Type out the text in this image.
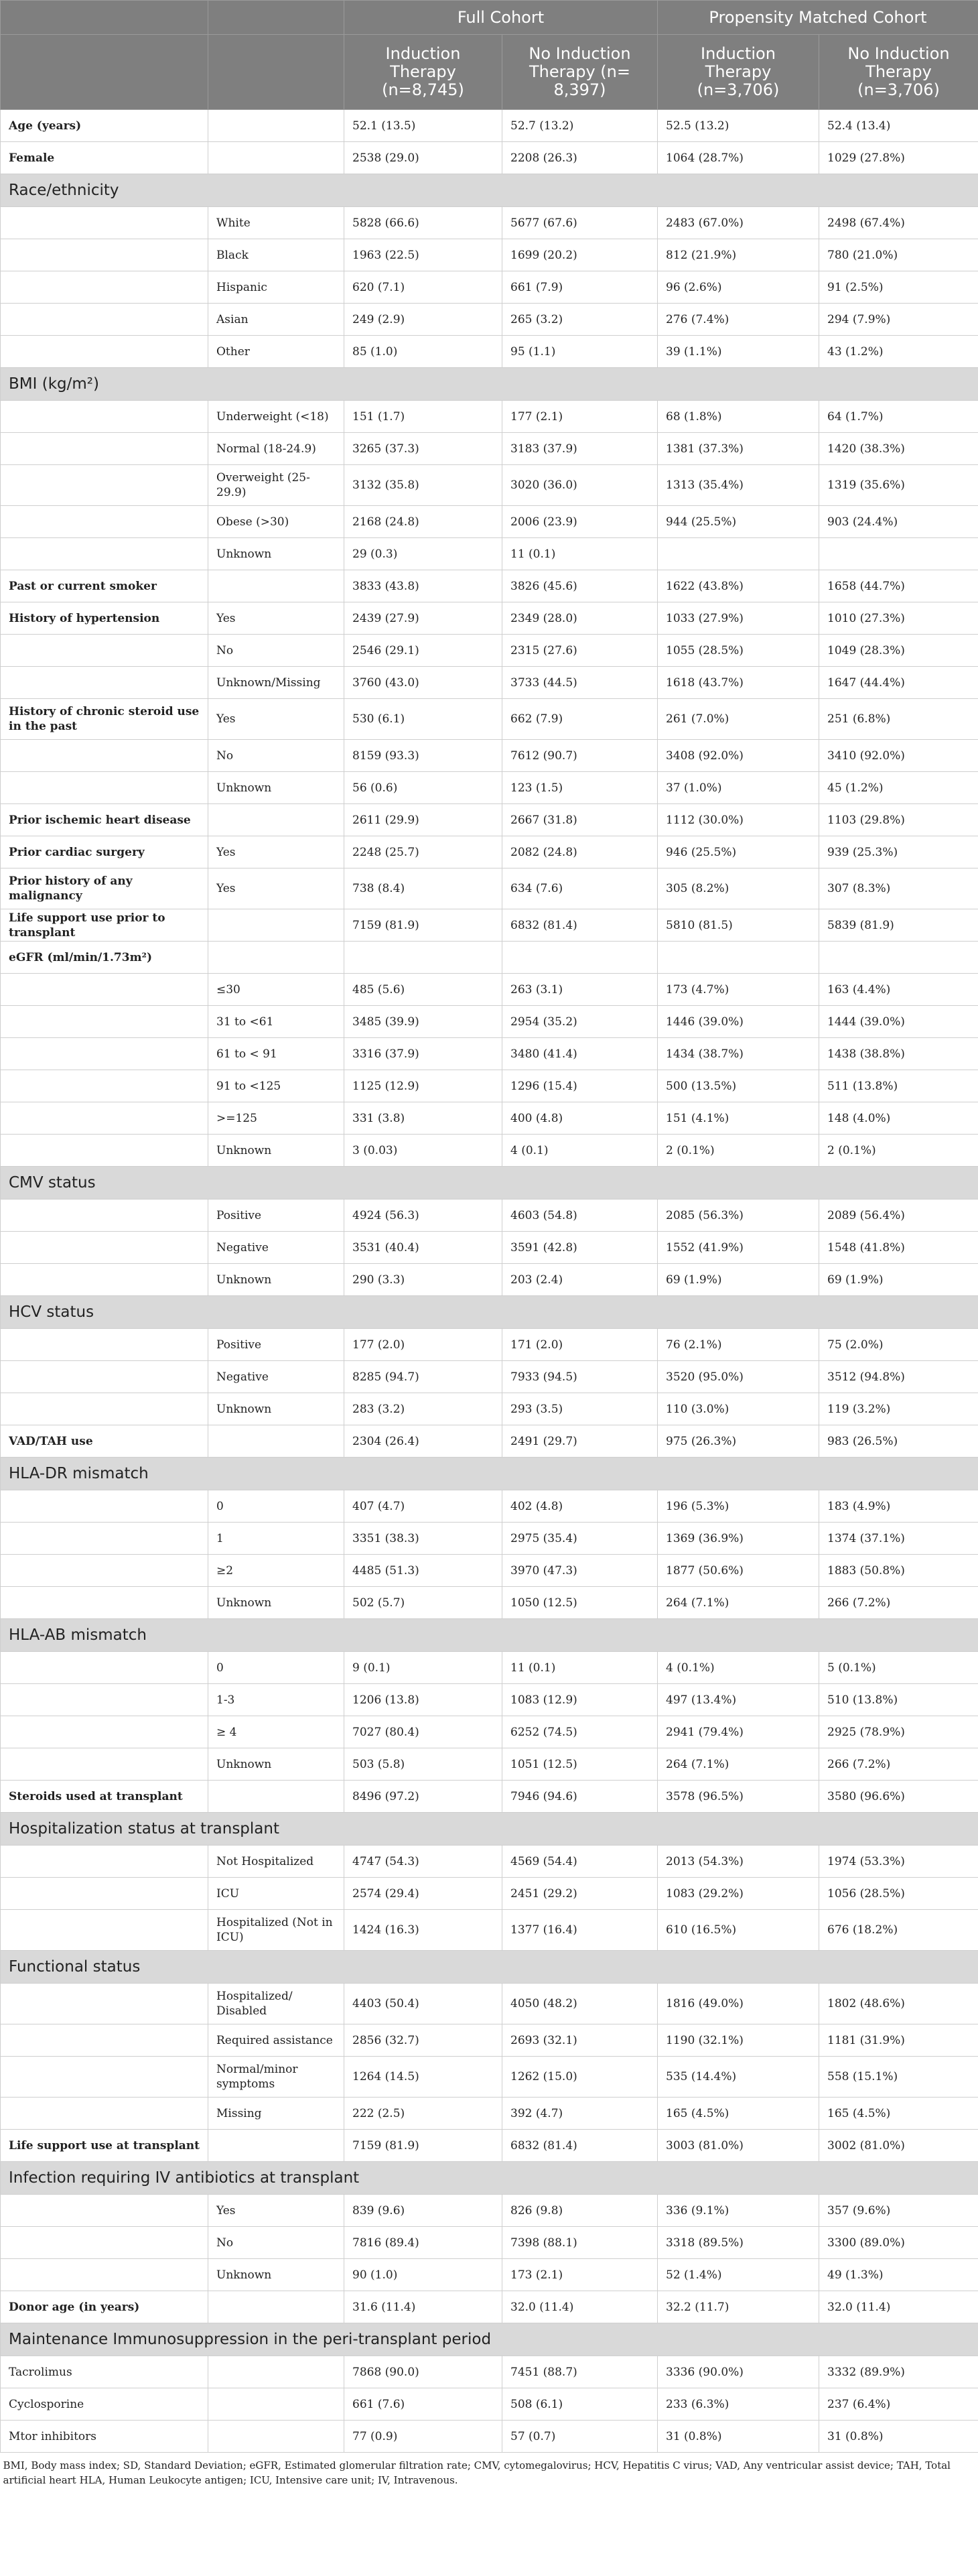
		Full Cohort		Propensity Matched Cohort	
		Induction Therapy (n=8,745)	No Induction Therapy (n= 8,397)	Induction Therapy (n=3,706)	No Induction Therapy (n=3,706)
Age (years)		52.1 (13.5)	52.7 (13.2)	52.5 (13.2)	52.4 (13.4)
Female		2538 (29.0)	2208 (26.3)	1064 (28.7%)	1029 (27.8%)
Race/ethnicity					
	White	5828 (66.6)	5677 (67.6)	2483 (67.0%)	2498 (67.4%)
	Black	1963 (22.5)	1699 (20.2)	812 (21.9%)	780 (21.0%)
	Hispanic	620 (7.1)	661 (7.9)	96 (2.6%)	91 (2.5%)
	Asian	249 (2.9)	265 (3.2)	276 (7.4%)	294 (7.9%)
	Other	85 (1.0)	95 (1.1)	39 (1.1%)	43 (1.2%)
BMI (kg/m²)					
	Underweight (<18)	151 (1.7)	177 (2.1)	68 (1.8%)	64 (1.7%)
	Normal (18-24.9)	3265 (37.3)	3183 (37.9)	1381 (37.3%)	1420 (38.3%)
	Overweight (25-29.9)	3132 (35.8)	3020 (36.0)	1313 (35.4%)	1319 (35.6%)
	Obese (>30)	2168 (24.8)	2006 (23.9)	944 (25.5%)	903 (24.4%)
	Unknown	29 (0.3)	11 (0.1)		
Past or current smoker		3833 (43.8)	3826 (45.6)	1622 (43.8%)	1658 (44.7%)
History of hypertension	Yes	2439 (27.9)	2349 (28.0)	1033 (27.9%)	1010 (27.3%)
	No	2546 (29.1)	2315 (27.6)	1055 (28.5%)	1049 (28.3%)
	Unknown/Missing	3760 (43.0)	3733 (44.5)	1618 (43.7%)	1647 (44.4%)
History of chronic steroid use in the past	Yes	530 (6.1)	662 (7.9)	261 (7.0%)	251 (6.8%)
	No	8159 (93.3)	7612 (90.7)	3408 (92.0%)	3410 (92.0%)
	Unknown	56 (0.6)	123 (1.5)	37 (1.0%)	45 (1.2%)
Prior ischemic heart disease		2611 (29.9)	2667 (31.8)	1112 (30.0%)	1103 (29.8%)
Prior cardiac surgery	Yes	2248 (25.7)	2082 (24.8)	946 (25.5%)	939 (25.3%)
Prior history of any malignancy	Yes	738 (8.4)	634 (7.6)	305 (8.2%)	307 (8.3%)
Life support use prior to transplant		7159 (81.9)	6832 (81.4)	5810 (81.5)	5839 (81.9)
eGFR (ml/min/1.73m²)					
	≤30	485 (5.6)	263 (3.1)	173 (4.7%)	163 (4.4%)
	31 to <61	3485 (39.9)	2954 (35.2)	1446 (39.0%)	1444 (39.0%)
	61 to < 91	3316 (37.9)	3480 (41.4)	1434 (38.7%)	1438 (38.8%)
	91 to <125	1125 (12.9)	1296 (15.4)	500 (13.5%)	511 (13.8%)
	>=125	331 (3.8)	400 (4.8)	151 (4.1%)	148 (4.0%)
	Unknown	3 (0.03)	4 (0.1)	2 (0.1%)	2 (0.1%)
CMV status					
	Positive	4924 (56.3)	4603 (54.8)	2085 (56.3%)	2089 (56.4%)
	Negative	3531 (40.4)	3591 (42.8)	1552 (41.9%)	1548 (41.8%)
	Unknown	290 (3.3)	203 (2.4)	69 (1.9%)	69 (1.9%)
HCV status					
	Positive	177 (2.0)	171 (2.0)	76 (2.1%)	75 (2.0%)
	Negative	8285 (94.7)	7933 (94.5)	3520 (95.0%)	3512 (94.8%)
	Unknown	283 (3.2)	293 (3.5)	110 (3.0%)	119 (3.2%)
VAD/TAH use		2304 (26.4)	2491 (29.7)	975 (26.3%)	983 (26.5%)
HLA-DR mismatch					
	0	407 (4.7)	402 (4.8)	196 (5.3%)	183 (4.9%)
	1	3351 (38.3)	2975 (35.4)	1369 (36.9%)	1374 (37.1%)
	≥2	4485 (51.3)	3970 (47.3)	1877 (50.6%)	1883 (50.8%)
	Unknown	502 (5.7)	1050 (12.5)	264 (7.1%)	266 (7.2%)
HLA-AB mismatch					
	0	9 (0.1)	11 (0.1)	4 (0.1%)	5 (0.1%)
	1-3	1206 (13.8)	1083 (12.9)	497 (13.4%)	510 (13.8%)
	≥ 4	7027 (80.4)	6252 (74.5)	2941 (79.4%)	2925 (78.9%)
	Unknown	503 (5.8)	1051 (12.5)	264 (7.1%)	266 (7.2%)
Steroids used at transplant		8496 (97.2)	7946 (94.6)	3578 (96.5%)	3580 (96.6%)
Hospitalization status at transplant					
	Not Hospitalized	4747 (54.3)	4569 (54.4)	2013 (54.3%)	1974 (53.3%)
	ICU	2574 (29.4)	2451 (29.2)	1083 (29.2%)	1056 (28.5%)
	Hospitalized (Not in ICU)	1424 (16.3)	1377 (16.4)	610 (16.5%)	676 (18.2%)
Functional status					
	Hospitalized/ Disabled	4403 (50.4)	4050 (48.2)	1816 (49.0%)	1802 (48.6%)
	Required assistance	2856 (32.7)	2693 (32.1)	1190 (32.1%)	1181 (31.9%)
	Normal/minor symptoms	1264 (14.5)	1262 (15.0)	535 (14.4%)	558 (15.1%)
	Missing	222 (2.5)	392 (4.7)	165 (4.5%)	165 (4.5%)
Life support use at transplant		7159 (81.9)	6832 (81.4)	3003 (81.0%)	3002 (81.0%)
Infection requiring IV antibiotics at transplant					
	Yes	839 (9.6)	826 (9.8)	336 (9.1%)	357 (9.6%)
	No	7816 (89.4)	7398 (88.1)	3318 (89.5%)	3300 (89.0%)
	Unknown	90 (1.0)	173 (2.1)	52 (1.4%)	49 (1.3%)
Donor age (in years)		31.6 (11.4)	32.0 (11.4)	32.2 (11.7)	32.0 (11.4)
Maintenance Immunosuppression in the peri-transplant period					
Tacrolimus		7868 (90.0)	7451 (88.7)	3336 (90.0%)	3332 (89.9%)
Cyclosporine		661 (7.6)	508 (6.1)	233 (6.3%)	237 (6.4%)
Mtor inhibitors		77 (0.9)	57 (0.7)	31 (0.8%)	31 (0.8%)
BMI, Body mass index; SD, Standard Deviation; eGFR, Estimated glomerular filtration rate; CMV, cytomegalovirus; HCV, Hepatitis C virus; VAD, Any ventricular assist device; TAH, Total artificial heart HLA, Human Leukocyte antigen; ICU, Intensive care unit; IV, Intravenous.					
